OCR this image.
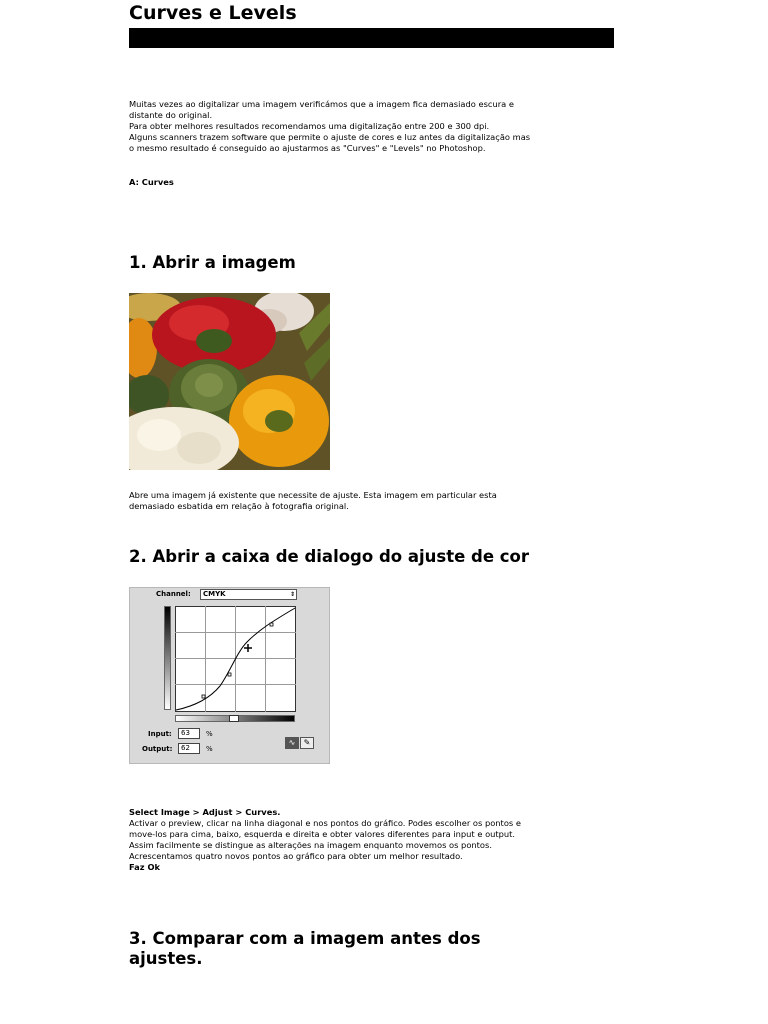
Curves e Levels
Muitas vezes ao digitalizar uma imagem verificámos que a imagem fica demasiado escura e
distante do original.
Para obter melhores resultados recomendamos uma digitalização entre 200 e 300 dpi.
Alguns scanners trazem software que permite o ajuste de cores e luz antes da digitalização mas
o mesmo resultado é conseguido ao ajustarmos as "Curves" e "Levels" no Photoshop.
A: Curves
1. Abrir a imagem
Abre uma imagem já existente que necessite de ajuste. Esta imagem em particular esta
demasiado esbatida em relação à fotografia original.
2. Abrir a caixa de dialogo do ajuste de cor
Channel:	CMYK	⇕
Input:	63	%
Output:	62	%
∿	✎
Select Image > Adjust > Curves.
Activar o preview, clicar na linha diagonal e nos pontos do gráfico. Podes escolher os pontos e
move-los para cima, baixo, esquerda e direita e obter valores diferentes para input e output.
Assim facilmente se distingue as alterações na imagem enquanto movemos os pontos.
Acrescentamos quatro novos pontos ao gráfico para obter um melhor resultado.
Faz Ok
3. Comparar com a imagem antes dos
ajustes.
